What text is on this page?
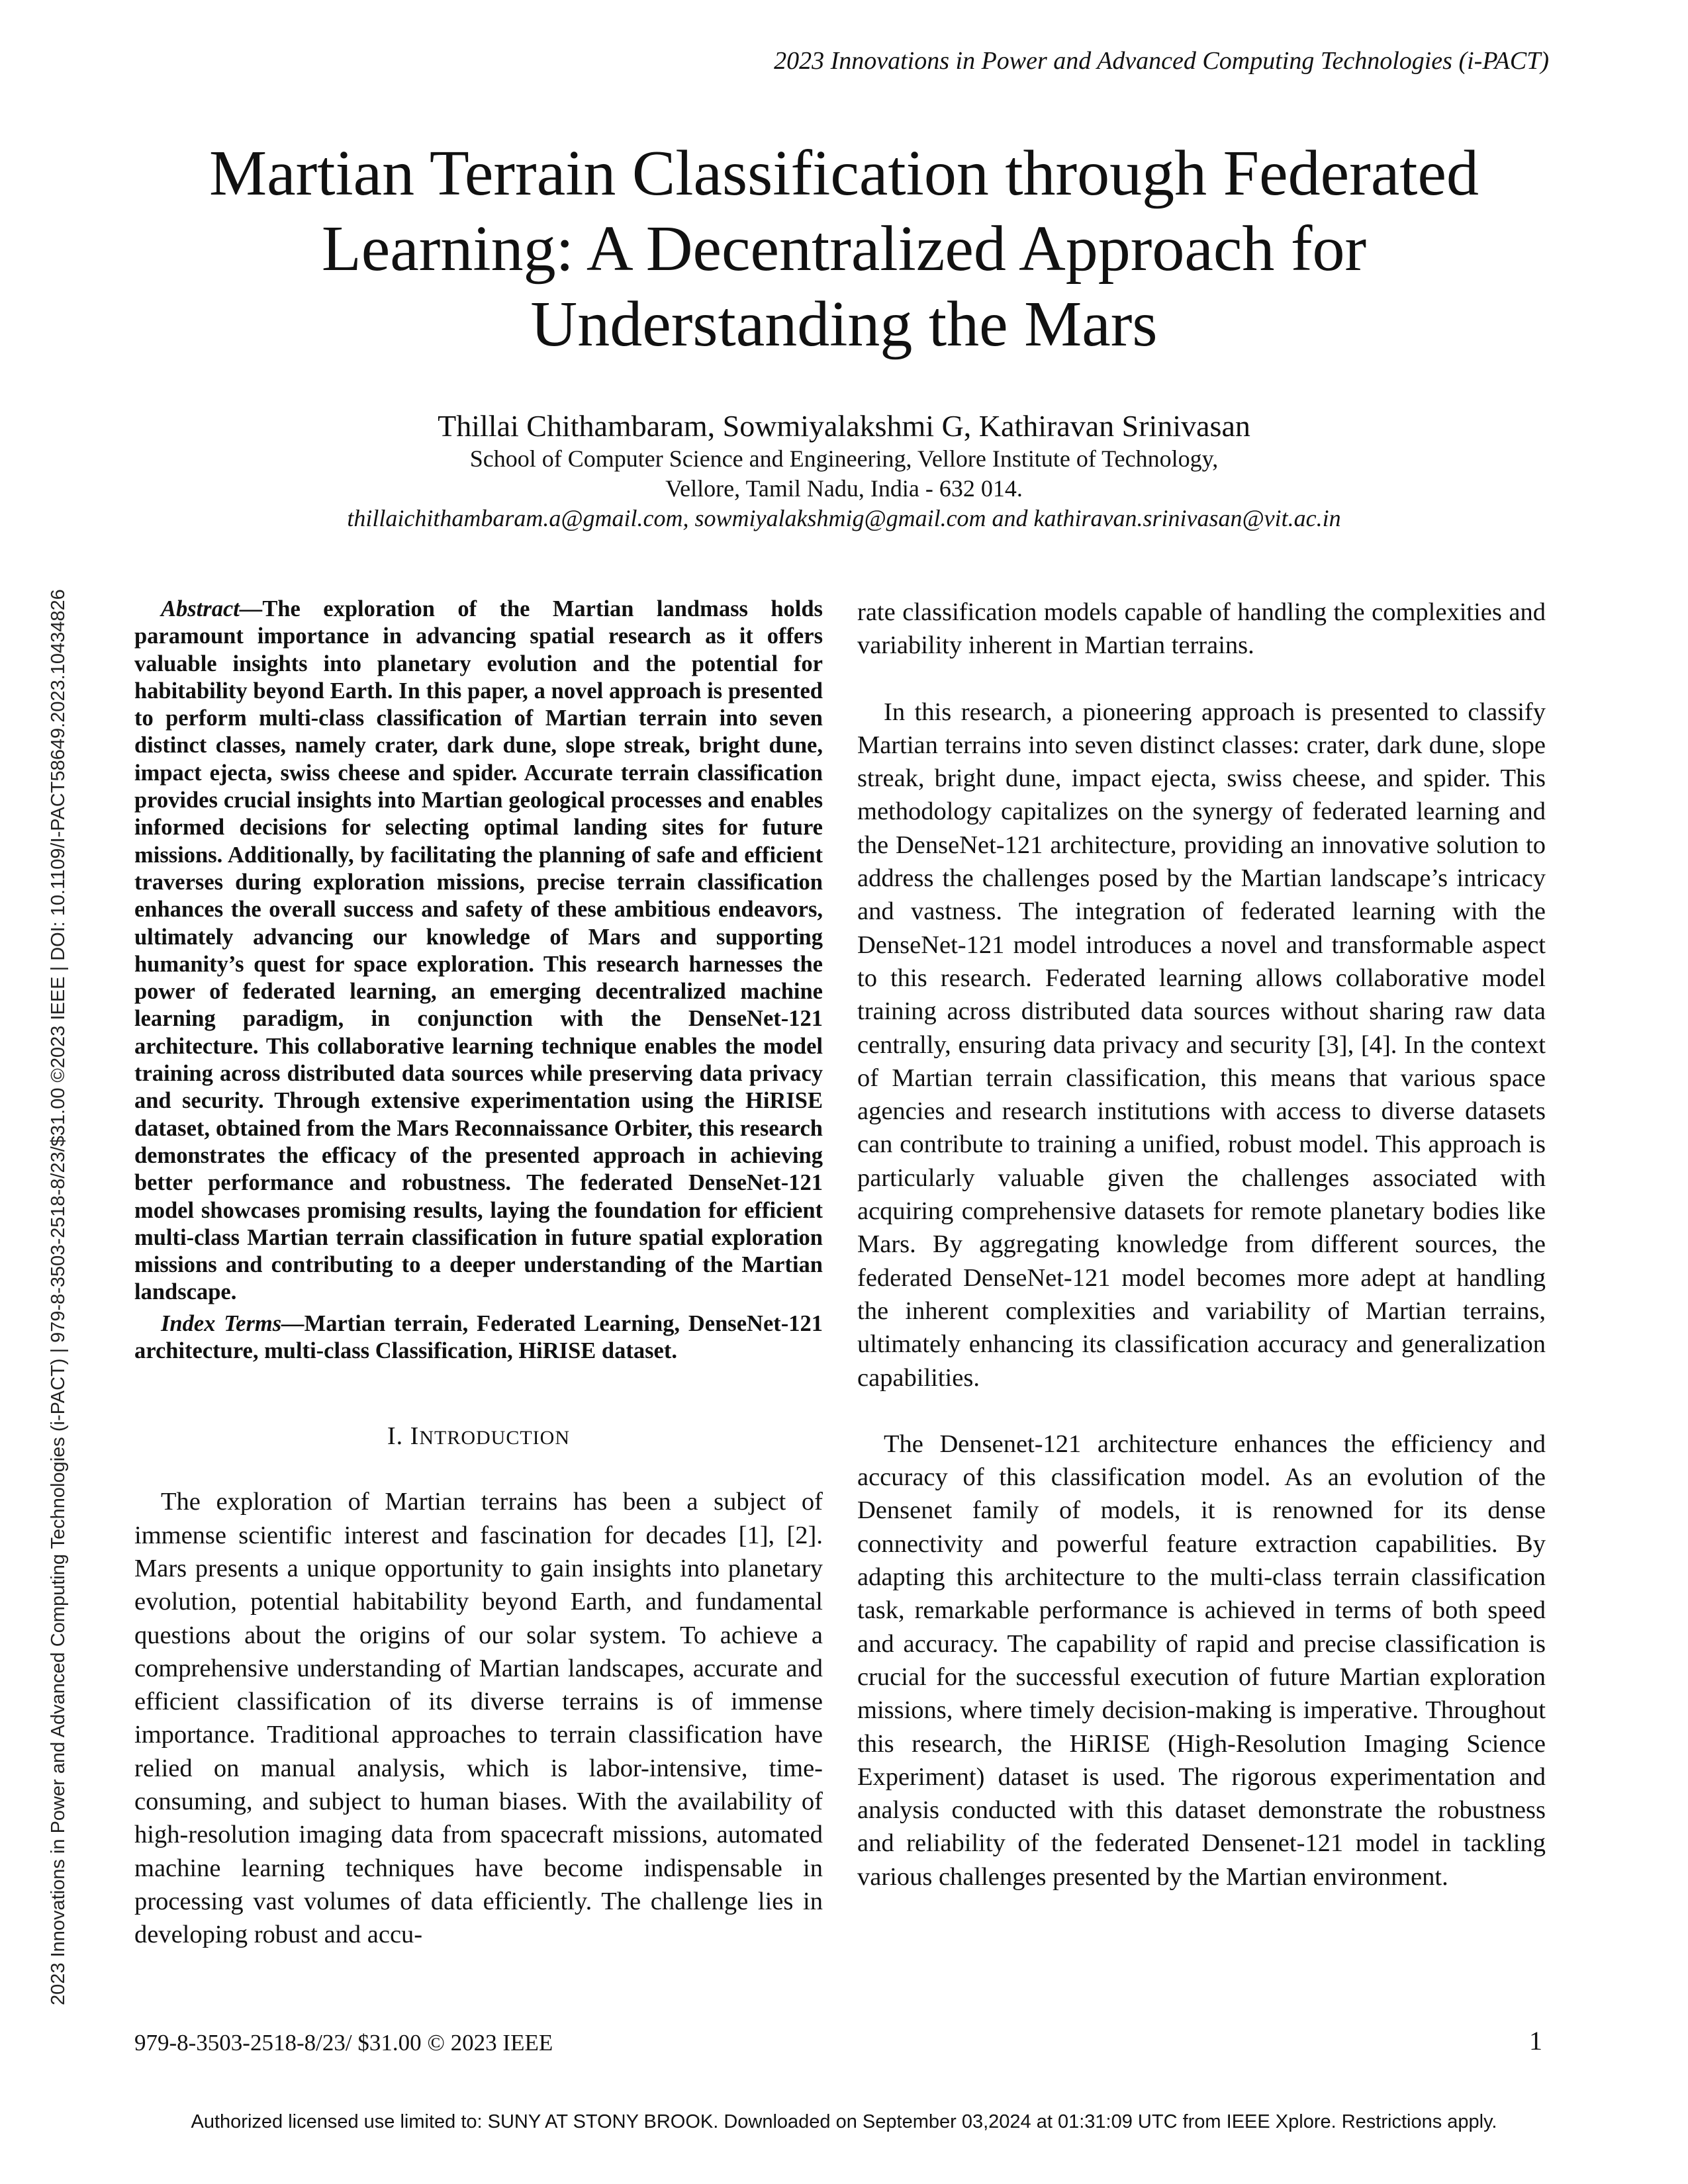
2023 Innovations in Power and Advanced Computing Technologies (i-PACT)
2023 Innovations in Power and Advanced Computing Technologies (i-PACT) | 979-8-3503-2518-8/23/$31.00 ©2023 IEEE | DOI: 10.1109/I-PACT58649.2023.10434826
Martian Terrain Classification through Federated
Learning: A Decentralized Approach for
Understanding the Mars
Thillai Chithambaram, Sowmiyalakshmi G, Kathiravan Srinivasan
School of Computer Science and Engineering, Vellore Institute of Technology,
Vellore, Tamil Nadu, India - 632 014.
thillaichithambaram.a@gmail.com, sowmiyalakshmig@gmail.com and kathiravan.srinivasan@vit.ac.in

Abstract—The exploration of the Martian landmass holds paramount importance in advancing spatial research as it offers valuable insights into planetary evolution and the potential for habitability beyond Earth. In this paper, a novel approach is presented to perform multi-class classification of Martian terrain into seven distinct classes, namely crater, dark dune, slope streak, bright dune, impact ejecta, swiss cheese and spider. Accurate terrain classification provides crucial insights into Martian geological processes and enables informed decisions for selecting optimal landing sites for future missions. Additionally, by facilitating the planning of safe and efficient traverses during exploration missions, precise terrain classification enhances the overall success and safety of these ambitious endeavors, ultimately advancing our knowledge of Mars and supporting humanity’s quest for space exploration. This research harnesses the power of federated learning, an emerging decentralized machine learning paradigm, in conjunction with the DenseNet-121 architecture. This collaborative learning technique enables the model training across distributed data sources while preserving data privacy and security. Through extensive experimentation using the HiRISE dataset, obtained from the Mars Reconnaissance Orbiter, this research demonstrates the efficacy of the presented approach in achieving better performance and robustness. The federated DenseNet-121 model showcases promising results, laying the foundation for efficient multi-class Martian terrain classification in future spatial exploration missions and contributing to a deeper understanding of the Martian landscape.

Index Terms—Martian terrain, Federated Learning, DenseNet-121 architecture, multi-class Classification, HiRISE dataset.

I. INTRODUCTION

The exploration of Martian terrains has been a subject of immense scientific interest and fascination for decades [1], [2]. Mars presents a unique opportunity to gain insights into planetary evolution, potential habitability beyond Earth, and fundamental questions about the origins of our solar system. To achieve a comprehensive understanding of Martian landscapes, accurate and efficient classification of its diverse terrains is of immense importance. Traditional approaches to terrain classification have relied on manual analysis, which is labor-intensive, time-consuming, and subject to human biases. With the availability of high-resolution imaging data from spacecraft missions, automated machine learning techniques have become indispensable in processing vast volumes of data efficiently. The challenge lies in developing robust and accu-

rate classification models capable of handling the complexities and variability inherent in Martian terrains.

In this research, a pioneering approach is presented to classify Martian terrains into seven distinct classes: crater, dark dune, slope streak, bright dune, impact ejecta, swiss cheese, and spider. This methodology capitalizes on the synergy of federated learning and the DenseNet-121 architecture, providing an innovative solution to address the challenges posed by the Martian landscape’s intricacy and vastness. The integration of federated learning with the DenseNet-121 model introduces a novel and transformable aspect to this research. Federated learning allows collaborative model training across distributed data sources without sharing raw data centrally, ensuring data privacy and security [3], [4]. In the context of Martian terrain classification, this means that various space agencies and research institutions with access to diverse datasets can contribute to training a unified, robust model. This approach is particularly valuable given the challenges associated with acquiring comprehensive datasets for remote planetary bodies like Mars. By aggregating knowledge from different sources, the federated DenseNet-121 model becomes more adept at handling the inherent complexities and variability of Martian terrains, ultimately enhancing its classification accuracy and generalization capabilities.

The Densenet-121 architecture enhances the efficiency and accuracy of this classification model. As an evolution of the Densenet family of models, it is renowned for its dense connectivity and powerful feature extraction capabilities. By adapting this architecture to the multi-class terrain classification task, remarkable performance is achieved in terms of both speed and accuracy. The capability of rapid and precise classification is crucial for the successful execution of future Martian exploration missions, where timely decision-making is imperative. Throughout this research, the HiRISE (High-Resolution Imaging Science Experiment) dataset is used. The rigorous experimentation and analysis conducted with this dataset demonstrate the robustness and reliability of the federated Densenet-121 model in tackling various challenges presented by the Martian environment.

979-8-3503-2518-8/23/ $31.00 © 2023 IEEE	1
Authorized licensed use limited to: SUNY AT STONY BROOK. Downloaded on September 03,2024 at 01:31:09 UTC from IEEE Xplore. Restrictions apply.
